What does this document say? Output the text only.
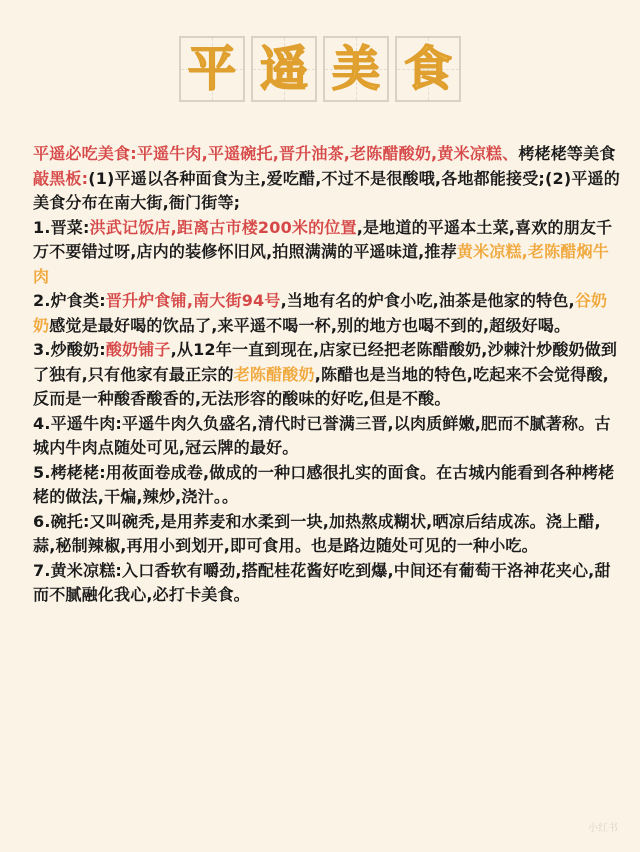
平 遥 美 食

平遥必吃美食:平遥牛肉,平遥碗托,晋升油茶,老陈醋酸奶,黄米凉糕、栲栳栳等美食

敲黑板:(1)平遥以各种面食为主,爱吃醋,不过不是很酸哦,各地都能接受;(2)平遥的美食分布在南大街,衙门街等;

1.晋菜:洪武记饭店,距离古市楼200米的位置,是地道的平遥本土菜,喜欢的朋友千万不要错过呀,店内的装修怀旧风,拍照满满的平遥味道,推荐黄米凉糕,老陈醋焖牛肉

2.炉食类:晋升炉食铺,南大街94号,当地有名的炉食小吃,油茶是他家的特色,谷奶奶感觉是最好喝的饮品了,来平遥不喝一杯,别的地方也喝不到的,超级好喝。

3.炒酸奶:酸奶铺子,从12年一直到现在,店家已经把老陈醋酸奶,沙棘汁炒酸奶做到了独有,只有他家有最正宗的老陈醋酸奶,陈醋也是当地的特色,吃起来不会觉得酸,反而是一种酸香酸香的,无法形容的酸味的好吃,但是不酸。

4.平遥牛肉:平遥牛肉久负盛名,清代时已誉满三晋,以肉质鲜嫩,肥而不腻著称。古城内牛肉点随处可见,冠云牌的最好。

5.栲栳栳:用莜面卷成卷,做成的一种口感很扎实的面食。在古城内能看到各种栲栳栳的做法,干煸,辣炒,浇汁。。

6.碗托:又叫碗秃,是用荞麦和水柔到一块,加热熬成糊状,晒凉后结成冻。浇上醋,蒜,秘制辣椒,再用小到划开,即可食用。也是路边随处可见的一种小吃。

7.黄米凉糕:入口香软有嚼劲,搭配桂花酱好吃到爆,中间还有葡萄干洛神花夹心,甜而不腻融化我心,必打卡美食。

小红书
